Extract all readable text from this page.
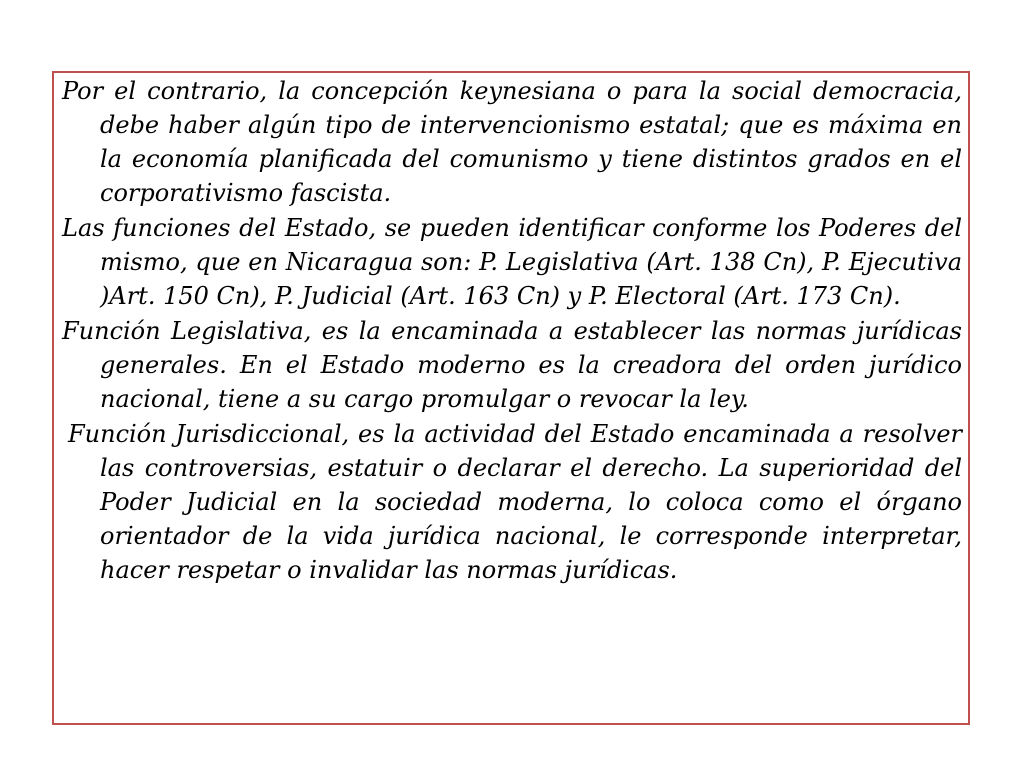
Por el contrario, la concepción keynesiana o para la social democracia, debe haber algún tipo de intervencionismo estatal; que es máxima en la economía planificada del comunismo y tiene distintos grados en el corporativismo fascista.

Las funciones del Estado, se pueden identificar conforme los Poderes del mismo, que en Nicaragua son: P. Legislativa (Art. 138 Cn), P. Ejecutiva )Art. 150 Cn), P. Judicial (Art. 163 Cn) y P. Electoral (Art. 173 Cn).

Función Legislativa, es la encaminada a establecer las normas jurídicas generales. En el Estado moderno es la creadora del orden jurídico nacional, tiene a su cargo promulgar o revocar la ley.

Función Jurisdiccional, es la actividad del Estado encaminada a resolver las controversias, estatuir o declarar el derecho. La superioridad del Poder Judicial en la sociedad moderna, lo coloca como el órgano orientador de la vida jurídica nacional, le corresponde interpretar, hacer respetar o invalidar las normas jurídicas.
